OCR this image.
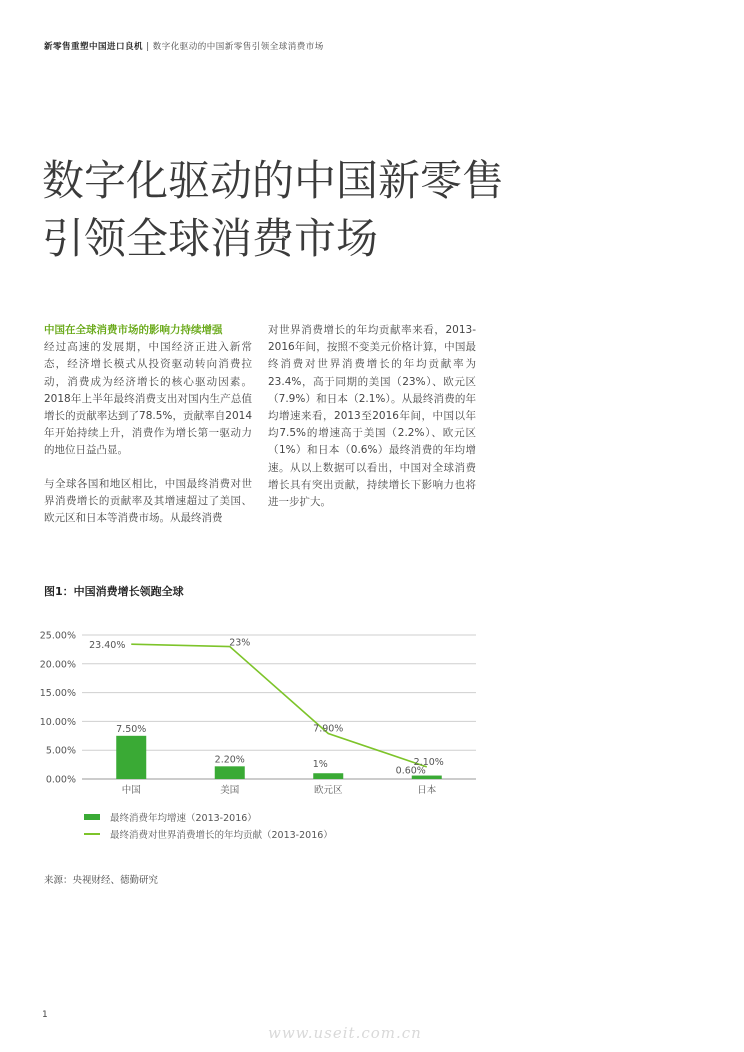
新零售重塑中国进口良机 | 数字化驱动的中国新零售引领全球消费市场
数字化驱动的中国新零售
引领全球消费市场

中国在全球消费市场的影响力持续增强
经过高速的发展期，中国经济正进入新常态，经济增长模式从投资驱动转向消费拉动，消费成为经济增长的核心驱动因素。2018年上半年最终消费支出对国内生产总值增长的贡献率达到了78.5%，贡献率自2014年开始持续上升，消费作为增长第一驱动力的地位日益凸显。

与全球各国和地区相比，中国最终消费对世界消费增长的贡献率及其增速超过了美国、欧元区和日本等消费市场。从最终消费

对世界消费增长的年均贡献率来看，2013-2016年间，按照不变美元价格计算，中国最终消费对世界消费增长的年均贡献率为23.4%，高于同期的美国（23%）、欧元区（7.9%）和日本（2.1%）。从最终消费的年均增速来看，2013至2016年间，中国以年均7.5%的增速高于美国（2.2%）、欧元区（1%）和日本（0.6%）最终消费的年均增速。从以上数据可以看出，中国对全球消费增长具有突出贡献，持续增长下影响力也将进一步扩大。

图1：中国消费增长领跑全球
0.00%
5.00%
10.00%
15.00%
20.00%
25.00%
中国	美国	欧元区	日本
7.50%
2.20%	1%
0.60%
23.40%	23%
7.90%
2.10%
最终消费年均增速（2013-2016）
最终消费对世界消费增长的年均贡献（2013-2016）
来源：央视财经、德勤研究
1
www.useit.com.cn
